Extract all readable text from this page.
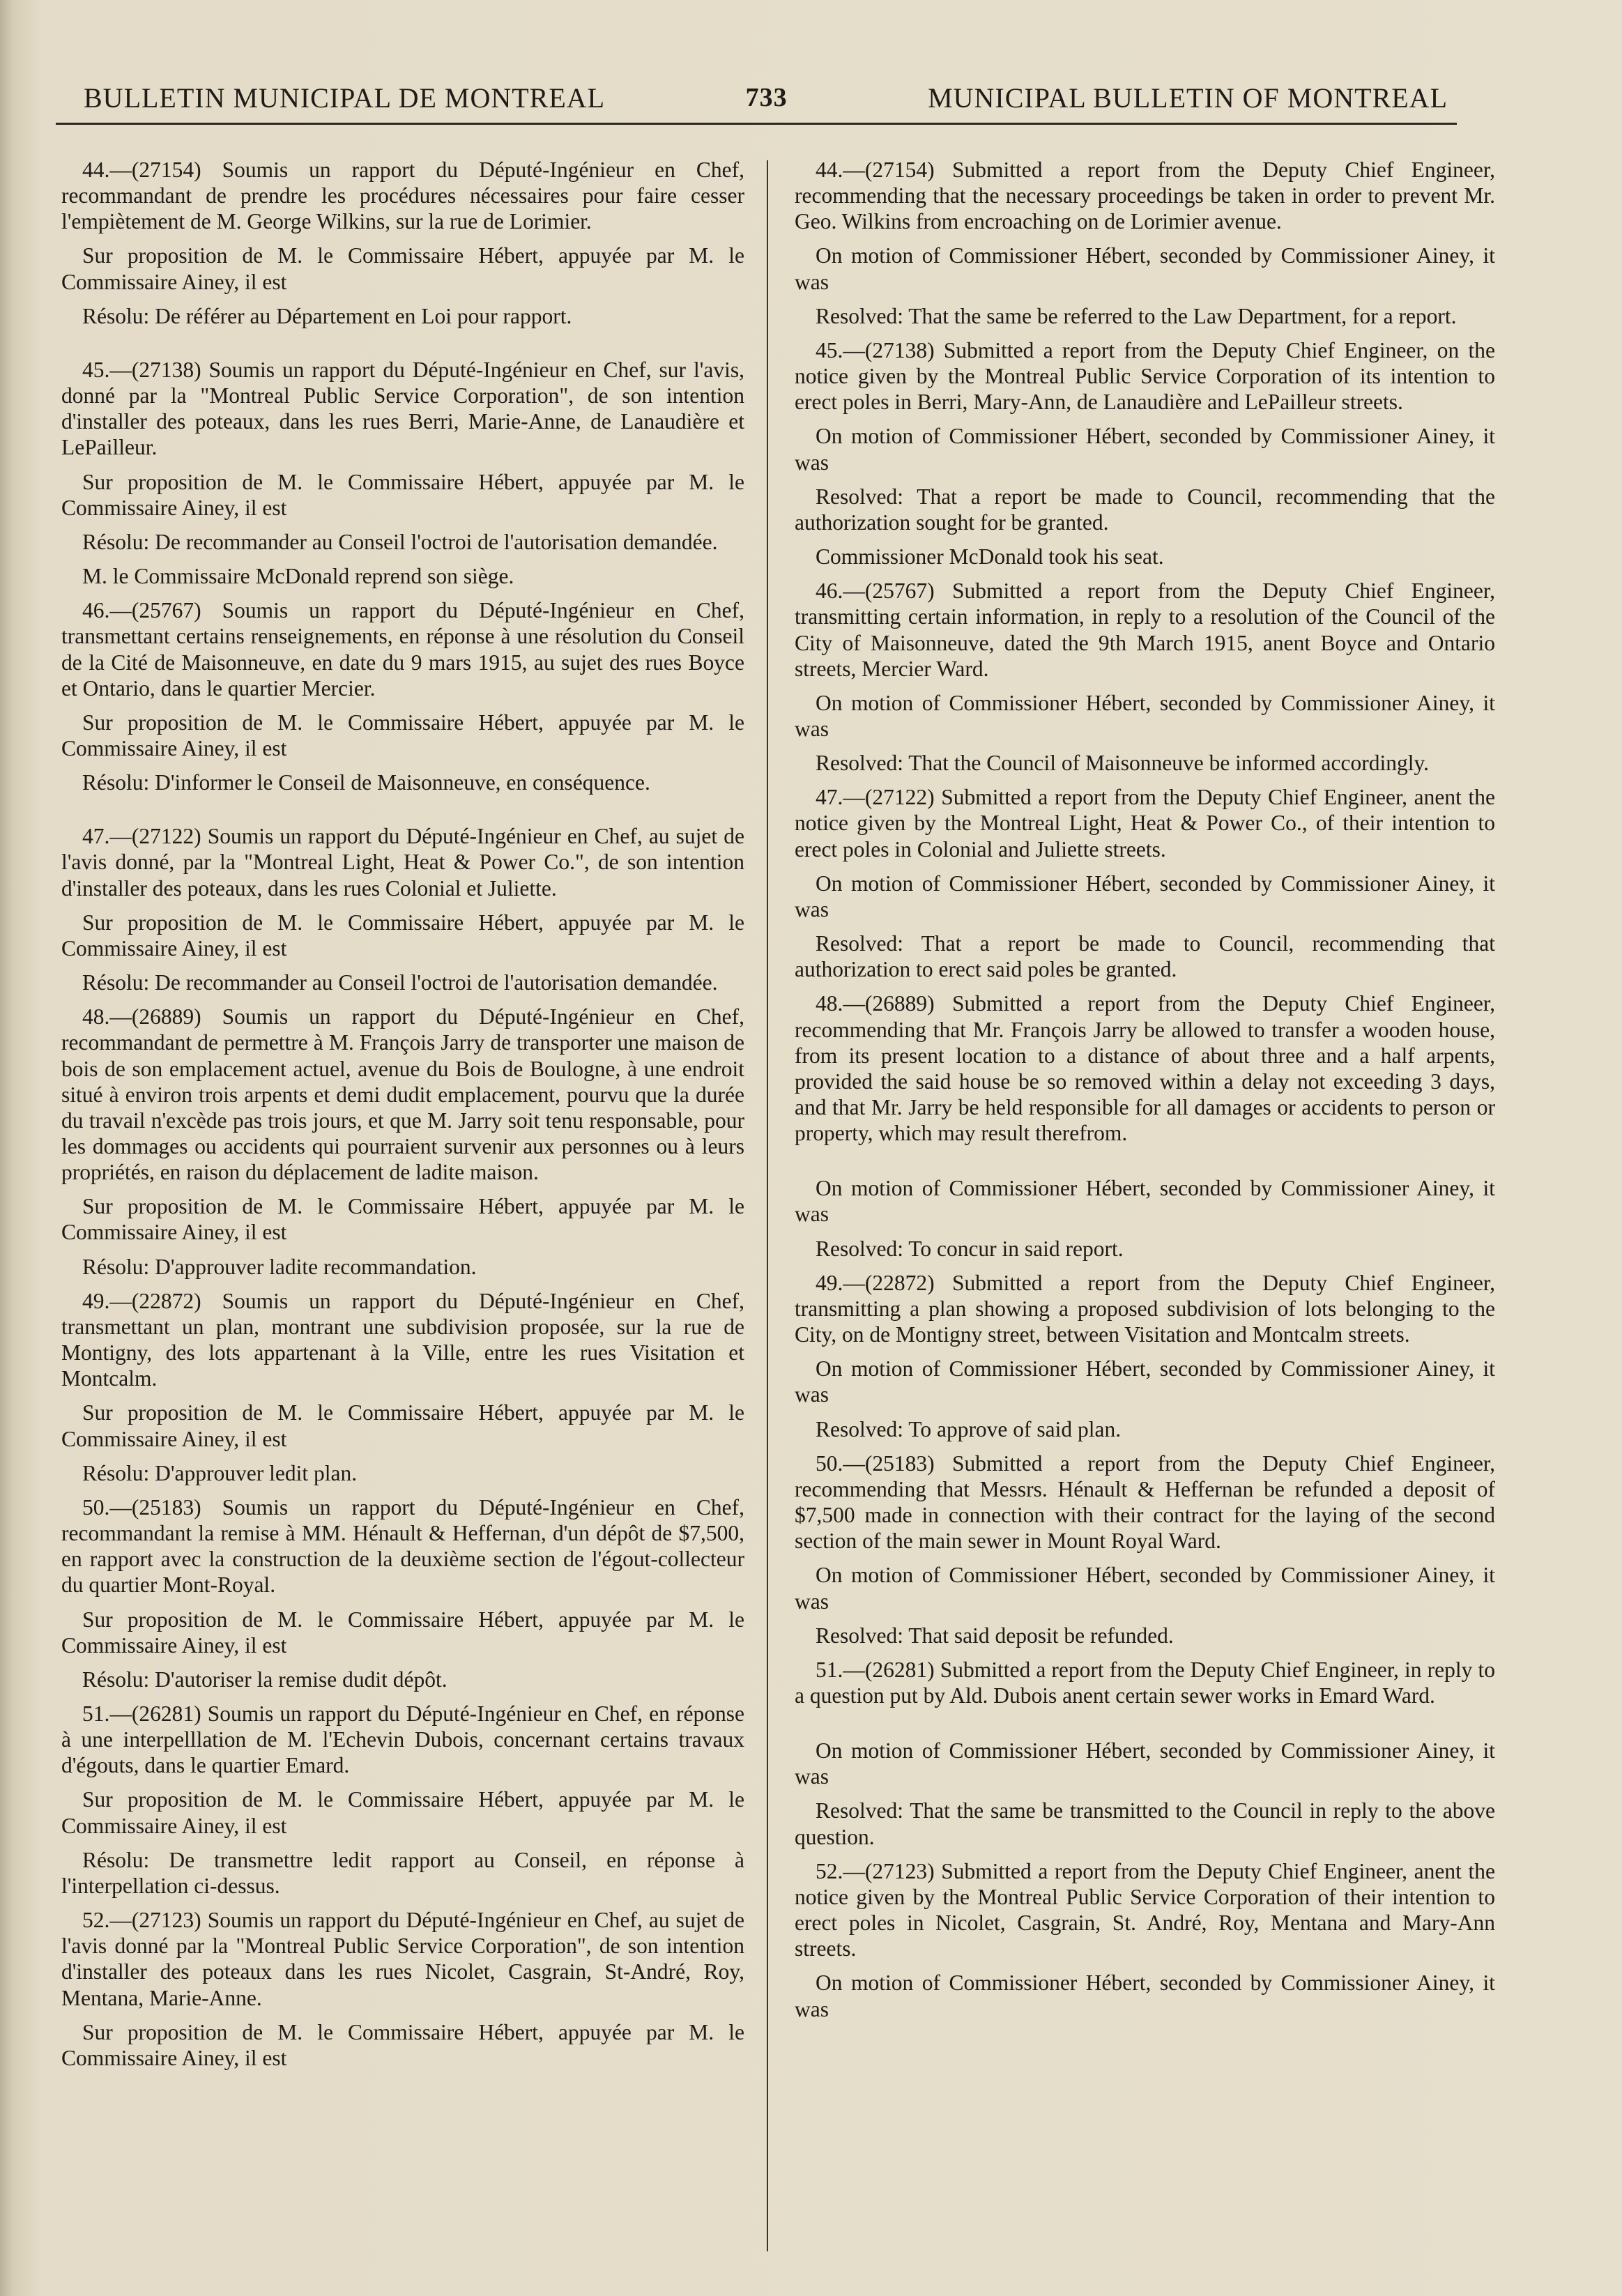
BULLETIN MUNICIPAL DE MONTREAL	733	MUNICIPAL BULLETIN OF MONTREAL

44.—(27154) Soumis un rapport du Député-Ingénieur en Chef, recommandant de prendre les procédures nécessaires pour faire cesser l'empiètement de M. George Wilkins, sur la rue de Lorimier.

Sur proposition de M. le Commissaire Hébert, appuyée par M. le Commissaire Ainey, il est

Résolu: De référer au Département en Loi pour rapport.

45.—(27138) Soumis un rapport du Député-Ingénieur en Chef, sur l'avis, donné par la "Montreal Public Service Corporation", de son intention d'installer des poteaux, dans les rues Berri, Marie-Anne, de Lanaudière et LePailleur.

Sur proposition de M. le Commissaire Hébert, appuyée par M. le Commissaire Ainey, il est

Résolu: De recommander au Conseil l'octroi de l'autorisation demandée.

M. le Commissaire McDonald reprend son siège.

46.—(25767) Soumis un rapport du Député-Ingénieur en Chef, transmettant certains renseignements, en réponse à une résolution du Conseil de la Cité de Maisonneuve, en date du 9 mars 1915, au sujet des rues Boyce et Ontario, dans le quartier Mercier.

Sur proposition de M. le Commissaire Hébert, appuyée par M. le Commissaire Ainey, il est

Résolu: D'informer le Conseil de Maisonneuve, en conséquence.

47.—(27122) Soumis un rapport du Député-Ingénieur en Chef, au sujet de l'avis donné, par la "Montreal Light, Heat & Power Co.", de son intention d'installer des poteaux, dans les rues Colonial et Juliette.

Sur proposition de M. le Commissaire Hébert, appuyée par M. le Commissaire Ainey, il est

Résolu: De recommander au Conseil l'octroi de l'autorisation demandée.

48.—(26889) Soumis un rapport du Député-Ingénieur en Chef, recommandant de permettre à M. François Jarry de transporter une maison de bois de son emplacement actuel, avenue du Bois de Boulogne, à une endroit situé à environ trois arpents et demi dudit emplacement, pourvu que la durée du travail n'excède pas trois jours, et que M. Jarry soit tenu responsable, pour les dommages ou accidents qui pourraient survenir aux personnes ou à leurs propriétés, en raison du déplacement de ladite maison.

Sur proposition de M. le Commissaire Hébert, appuyée par M. le Commissaire Ainey, il est

Résolu: D'approuver ladite recommandation.

49.—(22872) Soumis un rapport du Député-Ingénieur en Chef, transmettant un plan, montrant une subdivision proposée, sur la rue de Montigny, des lots appartenant à la Ville, entre les rues Visitation et Montcalm.

Sur proposition de M. le Commissaire Hébert, appuyée par M. le Commissaire Ainey, il est

Résolu: D'approuver ledit plan.

50.—(25183) Soumis un rapport du Député-Ingénieur en Chef, recommandant la remise à MM. Hénault & Heffernan, d'un dépôt de $7,500, en rapport avec la construction de la deuxième section de l'égout-collecteur du quartier Mont-Royal.

Sur proposition de M. le Commissaire Hébert, appuyée par M. le Commissaire Ainey, il est

Résolu: D'autoriser la remise dudit dépôt.

51.—(26281) Soumis un rapport du Député-Ingénieur en Chef, en réponse à une interpelllation de M. l'Echevin Dubois, concernant certains travaux d'égouts, dans le quartier Emard.

Sur proposition de M. le Commissaire Hébert, appuyée par M. le Commissaire Ainey, il est

Résolu: De transmettre ledit rapport au Conseil, en réponse à l'interpellation ci-dessus.

52.—(27123) Soumis un rapport du Député-Ingénieur en Chef, au sujet de l'avis donné par la "Montreal Public Service Corporation", de son intention d'installer des poteaux dans les rues Nicolet, Casgrain, St-André, Roy, Mentana, Marie-Anne.

Sur proposition de M. le Commissaire Hébert, appuyée par M. le Commissaire Ainey, il est

44.—(27154) Submitted a report from the Deputy Chief Engineer, recommending that the necessary proceedings be taken in order to prevent Mr. Geo. Wilkins from encroaching on de Lorimier avenue.

On motion of Commissioner Hébert, seconded by Commissioner Ainey, it was

Resolved: That the same be referred to the Law Department, for a report.

45.—(27138) Submitted a report from the Deputy Chief Engineer, on the notice given by the Montreal Public Service Corporation of its intention to erect poles in Berri, Mary-Ann, de Lanaudière and LePailleur streets.

On motion of Commissioner Hébert, seconded by Commissioner Ainey, it was

Resolved: That a report be made to Council, recommending that the authorization sought for be granted.

Commissioner McDonald took his seat.

46.—(25767) Submitted a report from the Deputy Chief Engineer, transmitting certain information, in reply to a resolution of the Council of the City of Maisonneuve, dated the 9th March 1915, anent Boyce and Ontario streets, Mercier Ward.

On motion of Commissioner Hébert, seconded by Commissioner Ainey, it was

Resolved: That the Council of Maisonneuve be informed accordingly.

47.—(27122) Submitted a report from the Deputy Chief Engineer, anent the notice given by the Montreal Light, Heat & Power Co., of their intention to erect poles in Colonial and Juliette streets.

On motion of Commissioner Hébert, seconded by Commissioner Ainey, it was

Resolved: That a report be made to Council, recommending that authorization to erect said poles be granted.

48.—(26889) Submitted a report from the Deputy Chief Engineer, recommending that Mr. François Jarry be allowed to transfer a wooden house, from its present location to a distance of about three and a half arpents, provided the said house be so removed within a delay not exceeding 3 days, and that Mr. Jarry be held responsible for all damages or accidents to person or property, which may result therefrom.

On motion of Commissioner Hébert, seconded by Commissioner Ainey, it was

Resolved: To concur in said report.

49.—(22872) Submitted a report from the Deputy Chief Engineer, transmitting a plan showing a proposed subdivision of lots belonging to the City, on de Montigny street, between Visitation and Montcalm streets.

On motion of Commissioner Hébert, seconded by Commissioner Ainey, it was

Resolved: To approve of said plan.

50.—(25183) Submitted a report from the Deputy Chief Engineer, recommending that Messrs. Hénault & Heffernan be refunded a deposit of $7,500 made in connection with their contract for the laying of the second section of the main sewer in Mount Royal Ward.

On motion of Commissioner Hébert, seconded by Commissioner Ainey, it was

Resolved: That said deposit be refunded.

51.—(26281) Submitted a report from the Deputy Chief Engineer, in reply to a question put by Ald. Dubois anent certain sewer works in Emard Ward.

On motion of Commissioner Hébert, seconded by Commissioner Ainey, it was

Resolved: That the same be transmitted to the Council in reply to the above question.

52.—(27123) Submitted a report from the Deputy Chief Engineer, anent the notice given by the Montreal Public Service Corporation of their intention to erect poles in Nicolet, Casgrain, St. André, Roy, Mentana and Mary-Ann streets.

On motion of Commissioner Hébert, seconded by Commissioner Ainey, it was
